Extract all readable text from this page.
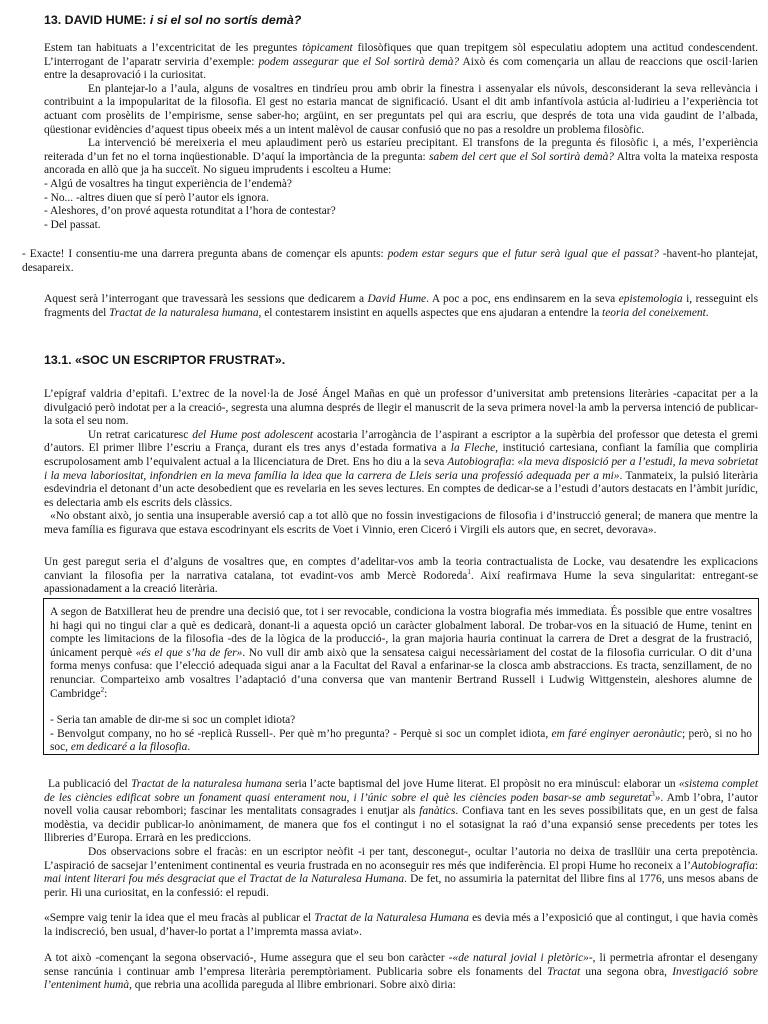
13. DAVID HUME: i si el sol no sortís demà?

Estem tan habituats a l’excentricitat de les preguntes tòpicament filosòfiques que quan trepitgem sòl especulatiu adoptem una actitud condescendent. L’interrogant de l’aparatr serviria d’exemple: podem assegurar que el Sol sortirà demà? Això és com començaria un allau de reaccions que oscil·larien entre la desaprovació i la curiositat.

En plantejar-lo a l’aula, alguns de vosaltres en tindríeu prou amb obrir la finestra i assenyalar els núvols, desconsiderant la seva rellevància i contribuint a la impopularitat de la filosofia. El gest no estaria mancat de significació. Usant el dit amb infantívola astúcia al·ludirieu a l’experiència tot actuant com prosèlits de l’empirisme, sense saber-ho; argüint, en ser preguntats pel qui ara escriu, que després de tota una vida gaudint de l’albada, qüestionar evidències d’aquest tipus obeeix més a un intent malèvol de causar confusió que no pas a resoldre un problema filosòfic.

La intervenció bé mereixeria el meu aplaudiment però us estaríeu precipitant. El transfons de la pregunta és filosòfic i, a més, l’experiència reiterada d’un fet no el torna inqüestionable. D’aquí la importància de la pregunta: sabem del cert que el Sol sortirà demà? Altra volta la mateixa resposta ancorada en allò que ja ha succeït. No sigueu imprudents i escolteu a Hume:

- Algú de vosaltres ha tingut experiència de l’endemà?

- No... -altres diuen que sí però l’autor els ignora.

- Aleshores, d’on prové aquesta rotunditat a l’hora de contestar?

- Del passat.

- Exacte! I consentiu-me una darrera pregunta abans de començar els apunts: podem estar segurs que el futur serà igual que el passat? -havent-ho plantejat, desapareix.

Aquest serà l’interrogant que travessarà les sessions que dedicarem a David Hume. A poc a poc, ens endinsarem en la seva epistemologia i, resseguint els fragments del Tractat de la naturalesa humana, el contestarem insistint en aquells aspectes que ens ajudaran a entendre la teoria del coneixement.

13.1. «SOC UN ESCRIPTOR FRUSTRAT».

L’epígraf valdria d’epitafi. L’extrec de la novel·la de José Ángel Mañas en què un professor d’universitat amb pretensions literàries -capacitat per a la divulgació però indotat per a la creació-, segresta una alumna després de llegir el manuscrit de la seva primera novel·la amb la perversa intenció de publicar-la sota el seu nom.

Un retrat caricaturesc del Hume post adolescent acostaria l’arrogància de l’aspirant a escriptor a la supèrbia del professor que detesta el gremi d’autors. El primer llibre l’escriu a França, durant els tres anys d’estada formativa a la Fleche, institució cartesiana, confiant la família que compliria escrupolosament amb l’equivalent actual a la llicenciatura de Dret. Ens ho diu a la seva Autobiografia: «la meva disposició per a l’estudi, la meva sobrietat i la meva laboriositat, infondrien en la meva família la idea que la carrera de Lleis seria una professió adequada per a mi». Tanmateix, la pulsió literària esdevindria el detonant d’un acte desobedient que es revelaria en les seves lectures. En comptes de dedicar-se a l’estudi d’autors destacats en l’àmbit jurídic, es delectaria amb els escrits dels clàssics.

«No obstant això, jo sentia una insuperable aversió cap a tot allò que no fossin investigacions de filosofia i d’instrucció general; de manera que mentre la meva família es figurava que estava escodrinyant els escrits de Voet i Vinnio, eren Ciceró i Virgili els autors que, en secret, devorava».

Un gest paregut seria el d’alguns de vosaltres que, en comptes d’adelitar-vos amb la teoria contractualista de Locke, vau desatendre les explicacions canviant la filosofia per la narrativa catalana, tot evadint-vos amb Mercè Rodoreda$^1$. Així reafirmava Hume la seva singularitat: entregant-se apassionadament a la creació literària.

A segon de Batxillerat heu de prendre una decisió que, tot i ser revocable, condiciona la vostra biografia més immediata. És possible que entre vosaltres hi hagi qui no tingui clar a què es dedicarà, donant-li a aquesta opció un caràcter globalment laboral. De trobar-vos en la situació de Hume, tenint en compte les limitacions de la filosofia -des de la lògica de la producció-, la gran majoria hauria continuat la carrera de Dret a desgrat de la frustració, únicament perquè «és el que s’ha de fer». No vull dir amb això que la sensatesa caigui necessàriament del costat de la filosofia curricular. O dit d’una forma menys confusa: que l’elecció adequada sigui anar a la Facultat del Raval a enfarinar-se la closca amb abstraccions. Es tracta, senzillament, de no renunciar. Comparteixo amb vosaltres l’adaptació d’una conversa que van mantenir Bertrand Russell i Ludwig Wittgenstein, aleshores alumne de Cambridge$^2$:

- Seria tan amable de dir-me si soc un complet idiota?

- Benvolgut company, no ho sé -replicà Russell-. Per què m’ho pregunta? - Perquè si soc un complet idiota, em faré enginyer aeronàutic; però, si no ho soc, em dedicaré a la filosofia.

La publicació del Tractat de la naturalesa humana seria l’acte baptismal del jove Hume literat. El propòsit no era minúscul: elaborar un «sistema complet de les ciències edificat sobre un fonament quasi enterament nou, i l’únic sobre el què les ciències poden basar-se amb seguretat$^3$». Amb l’obra, l’autor novell volia causar rebombori; fascinar les mentalitats consagrades i enutjar als fanàtics. Confiava tant en les seves possibilitats que, en un gest de falsa modèstia, va decidir publicar-lo anònimament, de manera que fos el contingut i no el sotasignat la raó d’una expansió sense precedents per totes les llibreries d’Europa. Errarà en les prediccions.

Dos observacions sobre el fracàs: en un escriptor neòfit -i per tant, desconegut-, ocultar l’autoria no deixa de trasllüir una certa prepotència. L’aspiració de sacsejar l’enteniment continental es veuria frustrada en no aconseguir res més que indiferència. El propi Hume ho reconeix a l’Autobiografia: mai intent literari fou més desgraciat que el Tractat de la Naturalesa Humana. De fet, no assumiria la paternitat del llibre fins al 1776, uns mesos abans de perir. Hi una curiositat, en la confessió: el repudi.

«Sempre vaig tenir la idea que el meu fracàs al publicar el Tractat de la Naturalesa Humana es devia més a l’exposició que al contingut, i que havia comès la indiscreció, ben usual, d’haver-lo portat a l’impremta massa aviat».

A tot això -començant la segona observació-, Hume assegura que el seu bon caràcter -«de natural jovial i pletòric»-, li permetria afrontar el desengany sense rancúnia i continuar amb l’empresa literària peremptòriament. Publicaria sobre els fonaments del Tractat una segona obra, Investigació sobre l’enteniment humà, que rebria una acollida pareguda al llibre embrionari. Sobre això diria:
